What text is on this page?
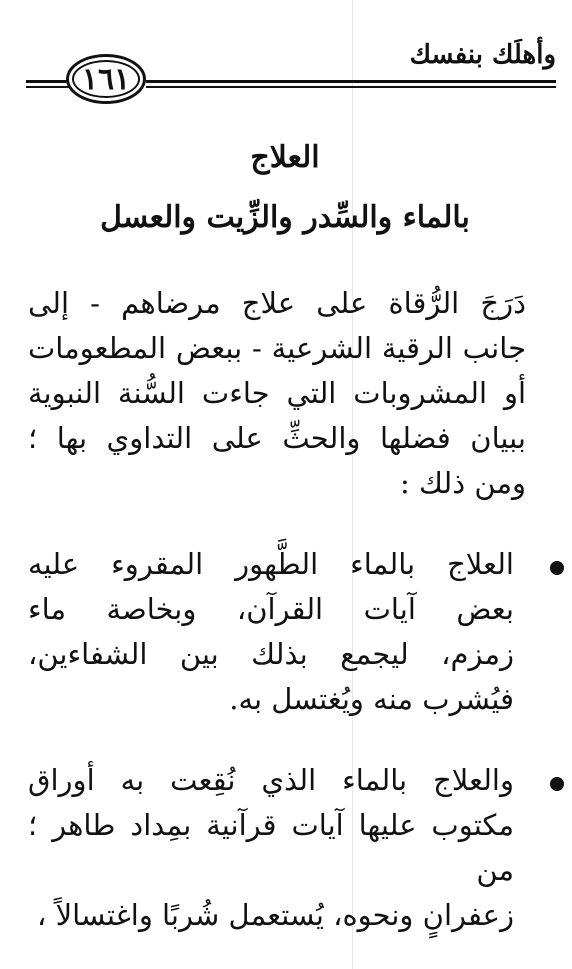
وأهلَك بنفسك
١٦١
العلاج
بالماء والسِّدر والزِّيت والعسل
دَرَجَ الرُّقاة على علاج مرضاهم - إلى
جانب الرقية الشرعية - ببعض المطعومات
أو المشروبات التي جاءت السُّنة النبوية
ببيان فضلها والحثِّ على التداوي بها ؛
ومن ذلك :
العلاج بالماء الطَّهور المقروء عليه
بعض آيات القرآن، وبخاصة ماء
زمزم، ليجمع بذلك بين الشفاءين،
فيُشرب منه ويُغتسل به.
والعلاج بالماء الذي نُقِعت به أوراق
مكتوب عليها آيات قرآنية بمِداد طاهر ؛ من
زعفرانٍ ونحوه، يُستعمل شُربًا واغتسالاً ،
